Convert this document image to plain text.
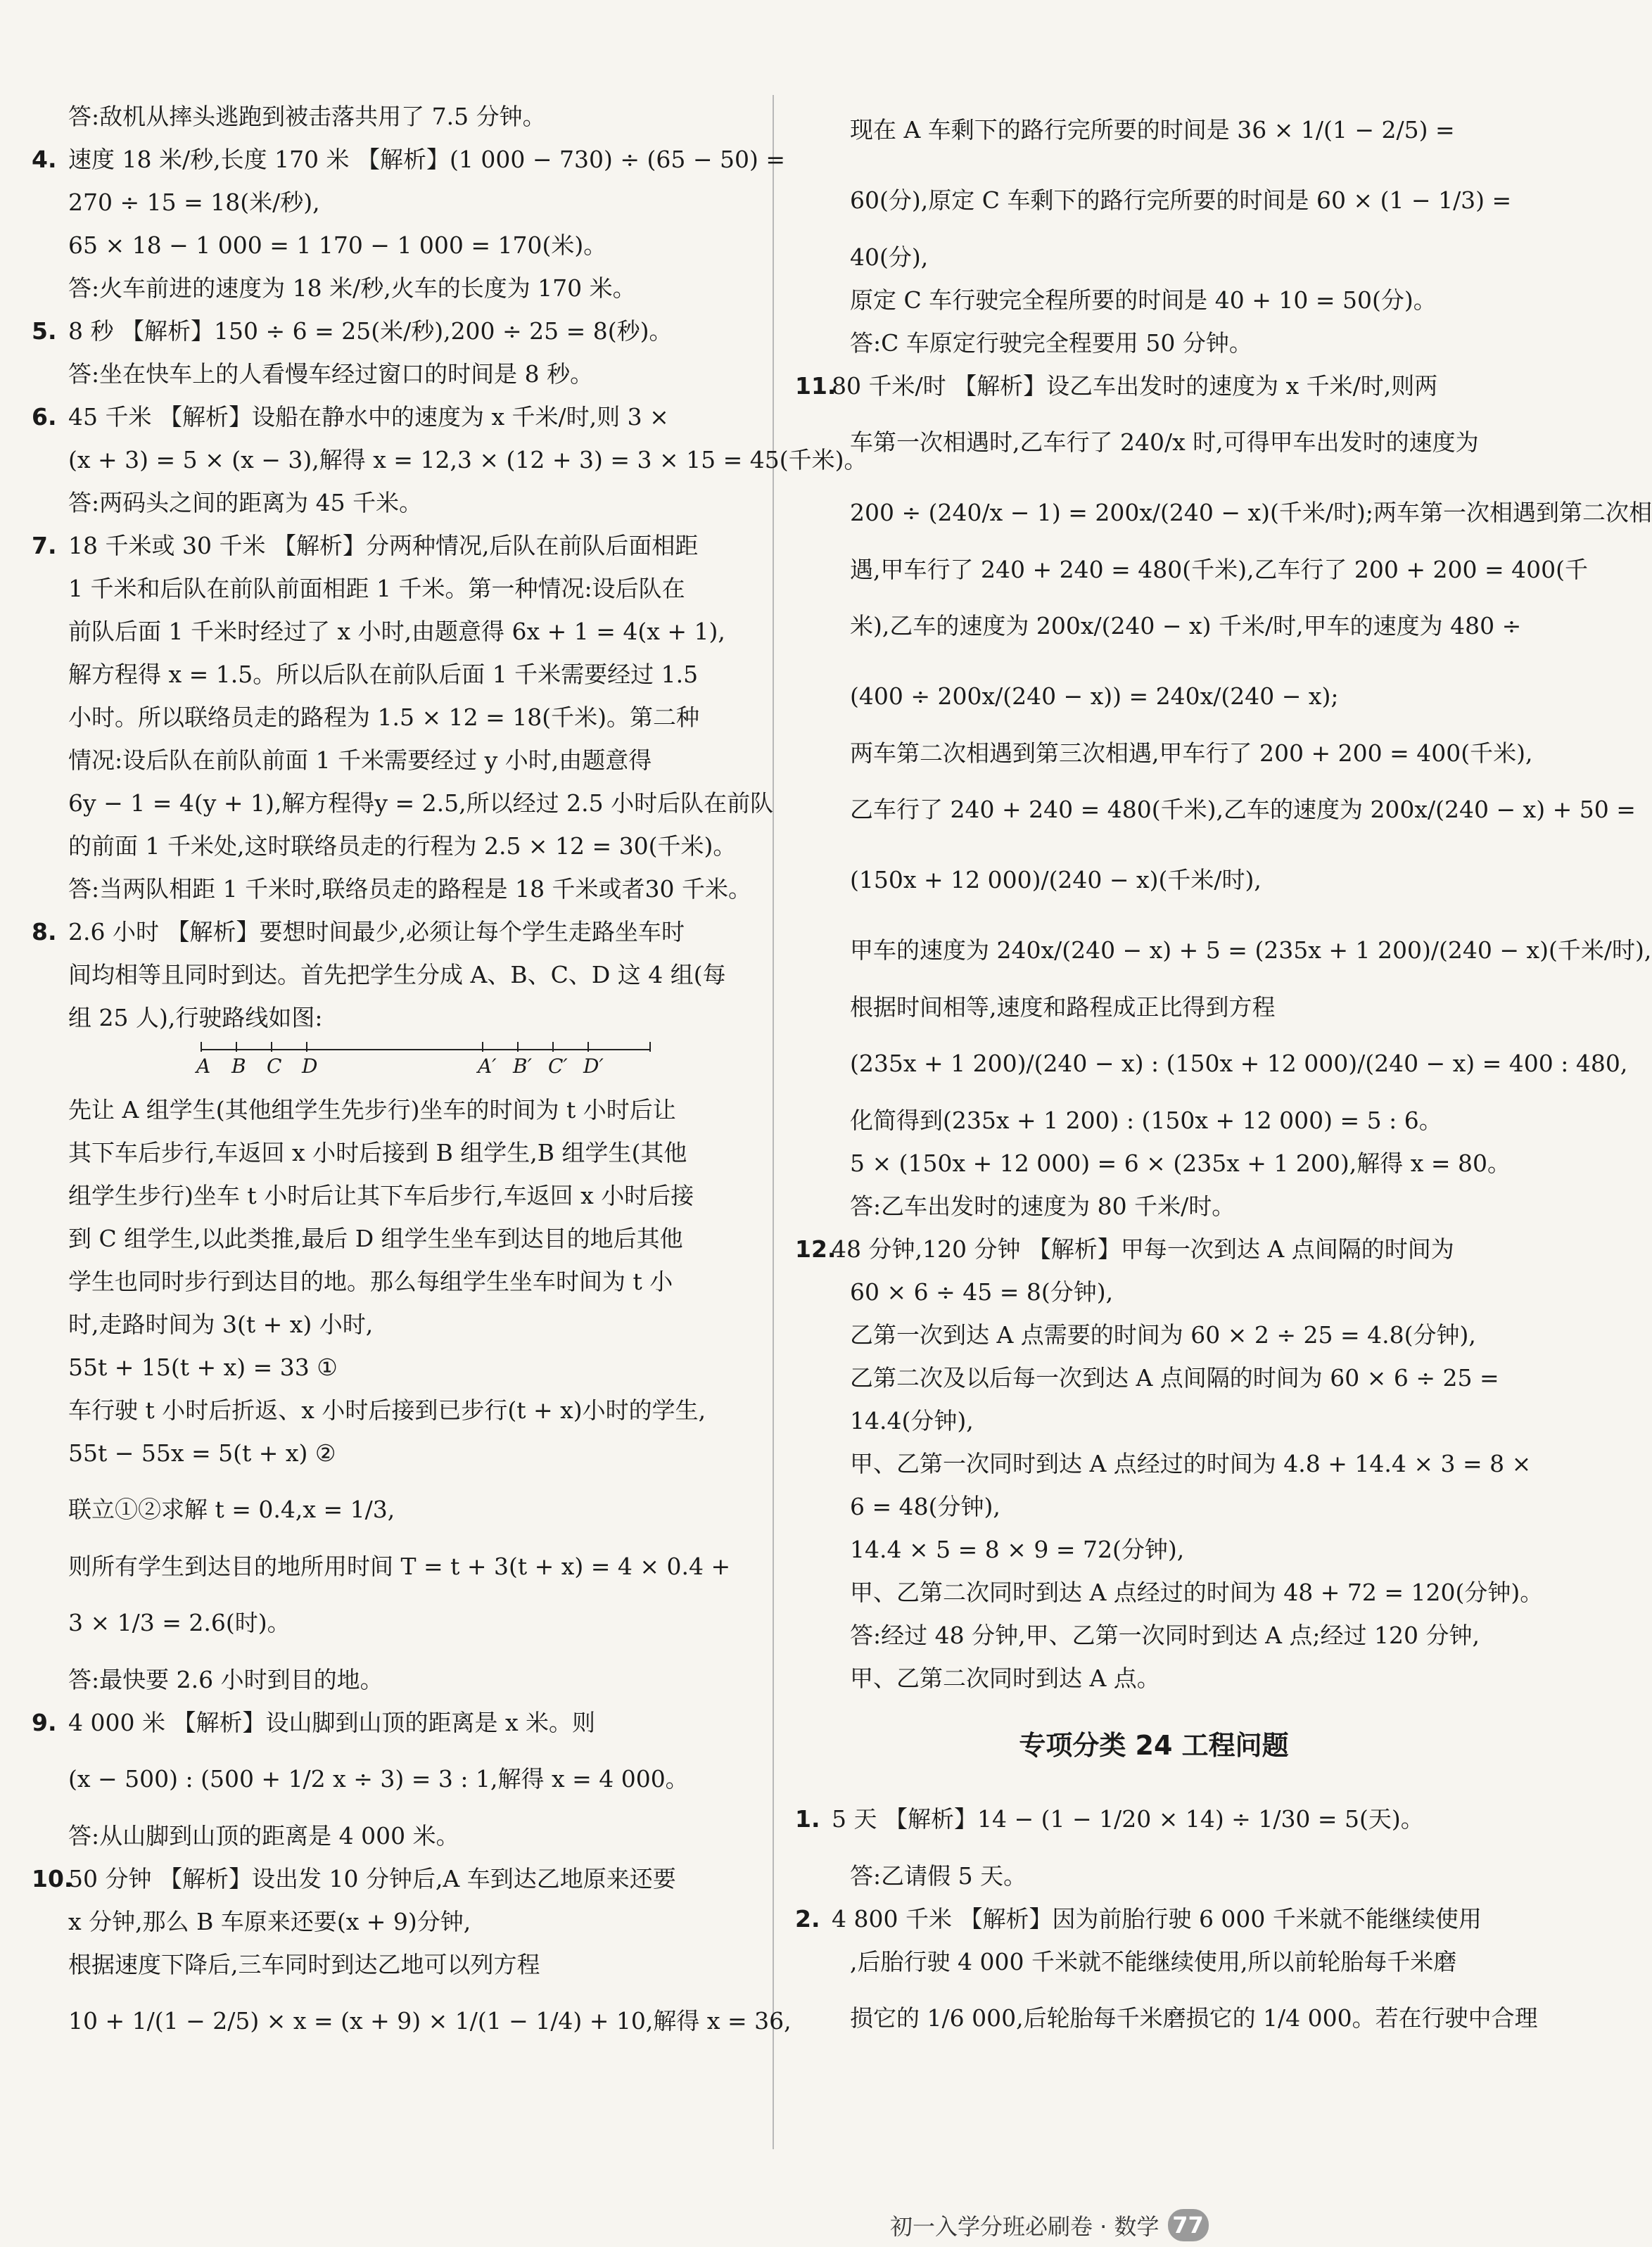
答:敌机从摔头逃跑到被击落共用了 7.5 分钟。
4. 速度 18 米/秒,长度 170 米 【解析】(1 000 − 730) ÷ (65 − 50) =
270 ÷ 15 = 18(米/秒),
65 × 18 − 1 000 = 1 170 − 1 000 = 170(米)。
答:火车前进的速度为 18 米/秒,火车的长度为 170 米。
5. 8 秒 【解析】150 ÷ 6 = 25(米/秒),200 ÷ 25 = 8(秒)。
答:坐在快车上的人看慢车经过窗口的时间是 8 秒。
6. 45 千米 【解析】设船在静水中的速度为 x 千米/时,则 3 ×
(x + 3) = 5 × (x − 3),解得 x = 12,3 × (12 + 3) = 3 × 15 = 45(千米)。
答:两码头之间的距离为 45 千米。
7. 18 千米或 30 千米 【解析】分两种情况,后队在前队后面相距
1 千米和后队在前队前面相距 1 千米。第一种情况:设后队在
前队后面 1 千米时经过了 x 小时,由题意得 6x + 1 = 4(x + 1),
解方程得 x = 1.5。所以后队在前队后面 1 千米需要经过 1.5
小时。所以联络员走的路程为 1.5 × 12 = 18(千米)。第二种
情况:设后队在前队前面 1 千米需要经过 y 小时,由题意得
6y − 1 = 4(y + 1),解方程得y = 2.5,所以经过 2.5 小时后队在前队
的前面 1 千米处,这时联络员走的行程为 2.5 × 12 = 30(千米)。
答:当两队相距 1 千米时,联络员走的路程是 18 千米或者30 千米。
8. 2.6 小时 【解析】要想时间最少,必须让每个学生走路坐车时
间均相等且同时到达。首先把学生分成 A、B、C、D 这 4 组(每
组 25 人),行驶路线如图:
A B C D	A′ B′ C′ D′
先让 A 组学生(其他组学生先步行)坐车的时间为 t 小时后让
其下车后步行,车返回 x 小时后接到 B 组学生,B 组学生(其他
组学生步行)坐车 t 小时后让其下车后步行,车返回 x 小时后接
到 C 组学生,以此类推,最后 D 组学生坐车到达目的地后其他
学生也同时步行到达目的地。那么每组学生坐车时间为 t 小
时,走路时间为 3(t + x) 小时,
55t + 15(t + x) = 33 ①
车行驶 t 小时后折返、x 小时后接到已步行(t + x)小时的学生,
55t − 55x = 5(t + x) ②
联立①②求解 t = 0.4,x = 1/3,
则所有学生到达目的地所用时间 T = t + 3(t + x) = 4 × 0.4 +
3 × 1/3 = 2.6(时)。
答:最快要 2.6 小时到目的地。
9. 4 000 米 【解析】设山脚到山顶的距离是 x 米。则
(x − 500) : (500 + 1/2 x ÷ 3) = 3 : 1,解得 x = 4 000。
答:从山脚到山顶的距离是 4 000 米。
10.50 分钟 【解析】设出发 10 分钟后,A 车到达乙地原来还要
x 分钟,那么 B 车原来还要(x + 9)分钟,
根据速度下降后,三车同时到达乙地可以列方程
10 + 1/(1 − 2/5) × x = (x + 9) × 1/(1 − 1/4) + 10,解得 x = 36,
现在 A 车剩下的路行完所要的时间是 36 × 1/(1 − 2/5) =
60(分),原定 C 车剩下的路行完所要的时间是 60 × (1 − 1/3) =
40(分),
原定 C 车行驶完全程所要的时间是 40 + 10 = 50(分)。
答:C 车原定行驶完全程要用 50 分钟。
11.80 千米/时 【解析】设乙车出发时的速度为 x 千米/时,则两
车第一次相遇时,乙车行了 240/x 时,可得甲车出发时的速度为
200 ÷ (240/x − 1) = 200x/(240 − x)(千米/时);两车第一次相遇到第二次相
遇,甲车行了 240 + 240 = 480(千米),乙车行了 200 + 200 = 400(千
米),乙车的速度为 200x/(240 − x) 千米/时,甲车的速度为 480 ÷
(400 ÷ 200x/(240 − x)) = 240x/(240 − x);
两车第二次相遇到第三次相遇,甲车行了 200 + 200 = 400(千米),
乙车行了 240 + 240 = 480(千米),乙车的速度为 200x/(240 − x) + 50 =
(150x + 12 000)/(240 − x)(千米/时),
甲车的速度为 240x/(240 − x) + 5 = (235x + 1 200)/(240 − x)(千米/时),
根据时间相等,速度和路程成正比得到方程
(235x + 1 200)/(240 − x) : (150x + 12 000)/(240 − x) = 400 : 480,
化简得到(235x + 1 200) : (150x + 12 000) = 5 : 6。
5 × (150x + 12 000) = 6 × (235x + 1 200),解得 x = 80。
答:乙车出发时的速度为 80 千米/时。
12.48 分钟,120 分钟 【解析】甲每一次到达 A 点间隔的时间为
60 × 6 ÷ 45 = 8(分钟),
乙第一次到达 A 点需要的时间为 60 × 2 ÷ 25 = 4.8(分钟),
乙第二次及以后每一次到达 A 点间隔的时间为 60 × 6 ÷ 25 =
14.4(分钟),
甲、乙第一次同时到达 A 点经过的时间为 4.8 + 14.4 × 3 = 8 ×
6 = 48(分钟),
14.4 × 5 = 8 × 9 = 72(分钟),
甲、乙第二次同时到达 A 点经过的时间为 48 + 72 = 120(分钟)。
答:经过 48 分钟,甲、乙第一次同时到达 A 点;经过 120 分钟,
甲、乙第二次同时到达 A 点。
专项分类 24 工程问题
1. 5 天 【解析】14 − (1 − 1/20 × 14) ÷ 1/30 = 5(天)。
答:乙请假 5 天。
2. 4 800 千米 【解析】因为前胎行驶 6 000 千米就不能继续使用
,后胎行驶 4 000 千米就不能继续使用,所以前轮胎每千米磨
损它的 1/6 000,后轮胎每千米磨损它的 1/4 000。若在行驶中合理
初一入学分班必刷卷 · 数学 77
